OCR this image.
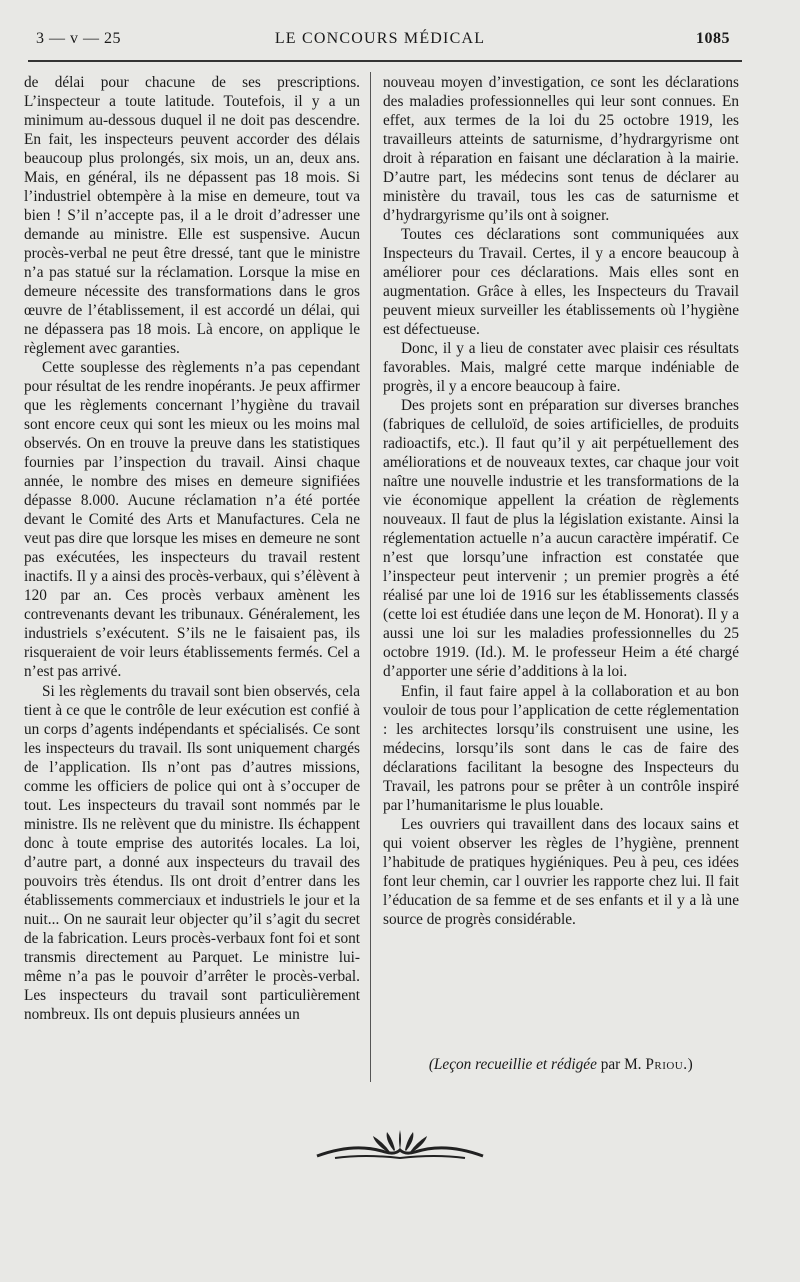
3 — v — 25	LE CONCOURS MÉDICAL	1085

de délai pour chacune de ses prescriptions. L’inspecteur a toute latitude. Toutefois, il y a un minimum au-dessous duquel il ne doit pas descendre. En fait, les inspecteurs peuvent accorder des délais beaucoup plus prolongés, six mois, un an, deux ans. Mais, en général, ils ne dépassent pas 18 mois. Si l’industriel obtempère à la mise en demeure, tout va bien ! S’il n’accepte pas, il a le droit d’adresser une demande au ministre. Elle est suspensive. Aucun procès-verbal ne peut être dressé, tant que le ministre n’a pas statué sur la réclamation. Lorsque la mise en demeure nécessite des transformations dans le gros œuvre de l’établissement, il est accordé un délai, qui ne dépassera pas 18 mois. Là encore, on applique le règlement avec garanties.

Cette souplesse des règlements n’a pas cependant pour résultat de les rendre inopérants. Je peux affirmer que les règlements concernant l’hygiène du travail sont encore ceux qui sont les mieux ou les moins mal observés. On en trouve la preuve dans les statistiques fournies par l’inspection du travail. Ainsi chaque année, le nombre des mises en demeure signifiées dépasse 8.000. Aucune réclamation n’a été portée devant le Comité des Arts et Manufactures. Cela ne veut pas dire que lorsque les mises en demeure ne sont pas exécutées, les inspecteurs du travail restent inactifs. Il y a ainsi des procès-verbaux, qui s’élèvent à 120 par an. Ces procès verbaux amènent les contrevenants devant les tribunaux. Généralement, les industriels s’exécutent. S’ils ne le faisaient pas, ils risqueraient de voir leurs établissements fermés. Cel a n’est pas arrivé.

Si les règlements du travail sont bien observés, cela tient à ce que le contrôle de leur exécution est confié à un corps d’agents indépendants et spécialisés. Ce sont les inspecteurs du travail. Ils sont uniquement chargés de l’application. Ils n’ont pas d’autres missions, comme les officiers de police qui ont à s’occuper de tout. Les inspecteurs du travail sont nommés par le ministre. Ils ne relèvent que du ministre. Ils échappent donc à toute emprise des autorités locales. La loi, d’autre part, a donné aux inspecteurs du travail des pouvoirs très étendus. Ils ont droit d’entrer dans les établissements commerciaux et industriels le jour et la nuit... On ne saurait leur objecter qu’il s’agit du secret de la fabrication. Leurs procès-verbaux font foi et sont transmis directement au Parquet. Le ministre lui-même n’a pas le pouvoir d’arrêter le procès-verbal. Les inspecteurs du travail sont particulièrement nombreux. Ils ont depuis plusieurs années un

nouveau moyen d’investigation, ce sont les déclarations des maladies professionnelles qui leur sont connues. En effet, aux termes de la loi du 25 octobre 1919, les travailleurs atteints de saturnisme, d’hydrargyrisme ont droit à réparation en faisant une déclaration à la mairie. D’autre part, les médecins sont tenus de déclarer au ministère du travail, tous les cas de saturnisme et d’hydrargyrisme qu’ils ont à soigner.

Toutes ces déclarations sont communiquées aux Inspecteurs du Travail. Certes, il y a encore beaucoup à améliorer pour ces déclarations. Mais elles sont en augmentation. Grâce à elles, les Inspecteurs du Travail peuvent mieux surveiller les établissements où l’hygiène est défectueuse.

Donc, il y a lieu de constater avec plaisir ces résultats favorables. Mais, malgré cette marque indéniable de progrès, il y a encore beaucoup à faire.

Des projets sont en préparation sur diverses branches (fabriques de celluloïd, de soies artificielles, de produits radioactifs, etc.). Il faut qu’il y ait perpétuellement des améliorations et de nouveaux textes, car chaque jour voit naître une nouvelle industrie et les transformations de la vie économique appellent la création de règlements nouveaux. Il faut de plus la législation existante. Ainsi la réglementation actuelle n’a aucun caractère impératif. Ce n’est que lorsqu’une infraction est constatée que l’inspecteur peut intervenir ; un premier progrès a été réalisé par une loi de 1916 sur les établissements classés (cette loi est étudiée dans une leçon de M. Honorat). Il y a aussi une loi sur les maladies professionnelles du 25 octobre 1919. (Id.). M. le professeur Heim a été chargé d’apporter une série d’additions à la loi.

Enfin, il faut faire appel à la collaboration et au bon vouloir de tous pour l’application de cette réglementation : les architectes lorsqu’ils construisent une usine, les médecins, lorsqu’ils sont dans le cas de faire des déclarations facilitant la besogne des Inspecteurs du Travail, les patrons pour se prêter à un contrôle inspiré par l’humanitarisme le plus louable.

Les ouvriers qui travaillent dans des locaux sains et qui voient observer les règles de l’hygiène, prennent l’habitude de pratiques hygiéniques. Peu à peu, ces idées font leur chemin, car l ouvrier les rapporte chez lui. Il fait l’éducation de sa femme et de ses enfants et il y a là une source de progrès considérable.

(Leçon recueillie et rédigée par M. Priou.)
